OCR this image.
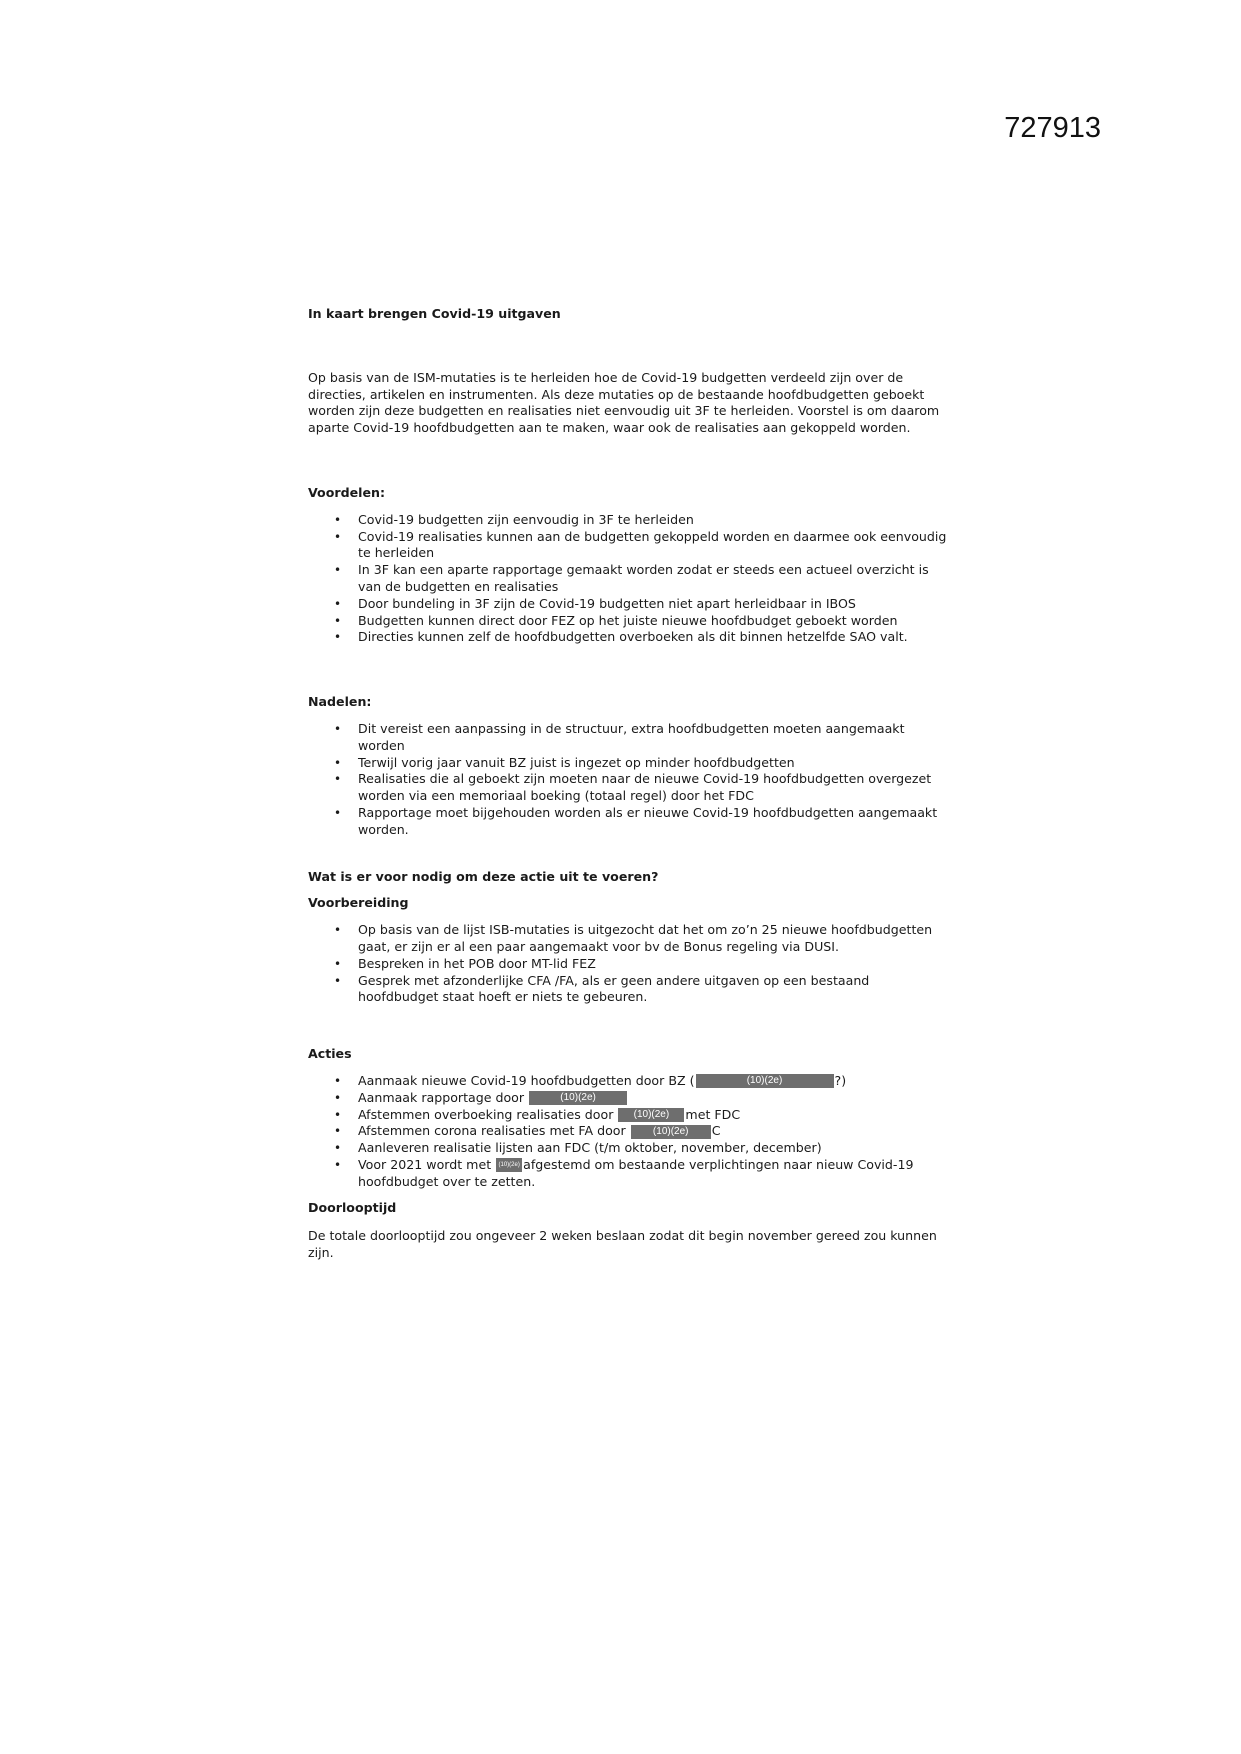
727913
In kaart brengen Covid-19 uitgaven

Op basis van de ISM-mutaties is te herleiden hoe de Covid-19 budgetten verdeeld zijn over de directies, artikelen en instrumenten. Als deze mutaties op de bestaande hoofdbudgetten geboekt worden zijn deze budgetten en realisaties niet eenvoudig uit 3F te herleiden. Voorstel is om daarom aparte Covid-19 hoofdbudgetten aan te maken, waar ook de realisaties aan gekoppeld worden.

Voordelen:
• Covid-19 budgetten zijn eenvoudig in 3F te herleiden
• Covid-19 realisaties kunnen aan de budgetten gekoppeld worden en daarmee ook eenvoudig te herleiden
• In 3F kan een aparte rapportage gemaakt worden zodat er steeds een actueel overzicht is van de budgetten en realisaties
• Door bundeling in 3F zijn de Covid-19 budgetten niet apart herleidbaar in IBOS
• Budgetten kunnen direct door FEZ op het juiste nieuwe hoofdbudget geboekt worden
• Directies kunnen zelf de hoofdbudgetten overboeken als dit binnen hetzelfde SAO valt.
Nadelen:
• Dit vereist een aanpassing in de structuur, extra hoofdbudgetten moeten aangemaakt worden
• Terwijl vorig jaar vanuit BZ juist is ingezet op minder hoofdbudgetten
• Realisaties die al geboekt zijn moeten naar de nieuwe Covid-19 hoofdbudgetten overgezet worden via een memoriaal boeking (totaal regel) door het FDC
• Rapportage moet bijgehouden worden als er nieuwe Covid-19 hoofdbudgetten aangemaakt worden.
Wat is er voor nodig om deze actie uit te voeren?
Voorbereiding
• Op basis van de lijst ISB-mutaties is uitgezocht dat het om zo’n 25 nieuwe hoofdbudgetten gaat, er zijn er al een paar aangemaakt voor bv de Bonus regeling via DUSI.
• Bespreken in het POB door MT-lid FEZ
• Gesprek met afzonderlijke CFA /FA, als er geen andere uitgaven op een bestaand hoofdbudget staat hoeft er niets te gebeuren.
Acties
• Aanmaak nieuwe Covid-19 hoofdbudgetten door BZ (	(10)(2e)	?)
• Aanmaak rapportage door	(10)(2e)
• Afstemmen overboeking realisaties door (10)(2e) met FDC
• Afstemmen corona realisaties met FA door	(10)(2e) C
• Aanleveren realisatie lijsten aan FDC (t/m oktober, november, december)
• Voor 2021 wordt met (10)(2e) afgestemd om bestaande verplichtingen naar nieuw Covid-19 hoofdbudget over te zetten.
Doorlooptijd

De totale doorlooptijd zou ongeveer 2 weken beslaan zodat dit begin november gereed zou kunnen zijn.
